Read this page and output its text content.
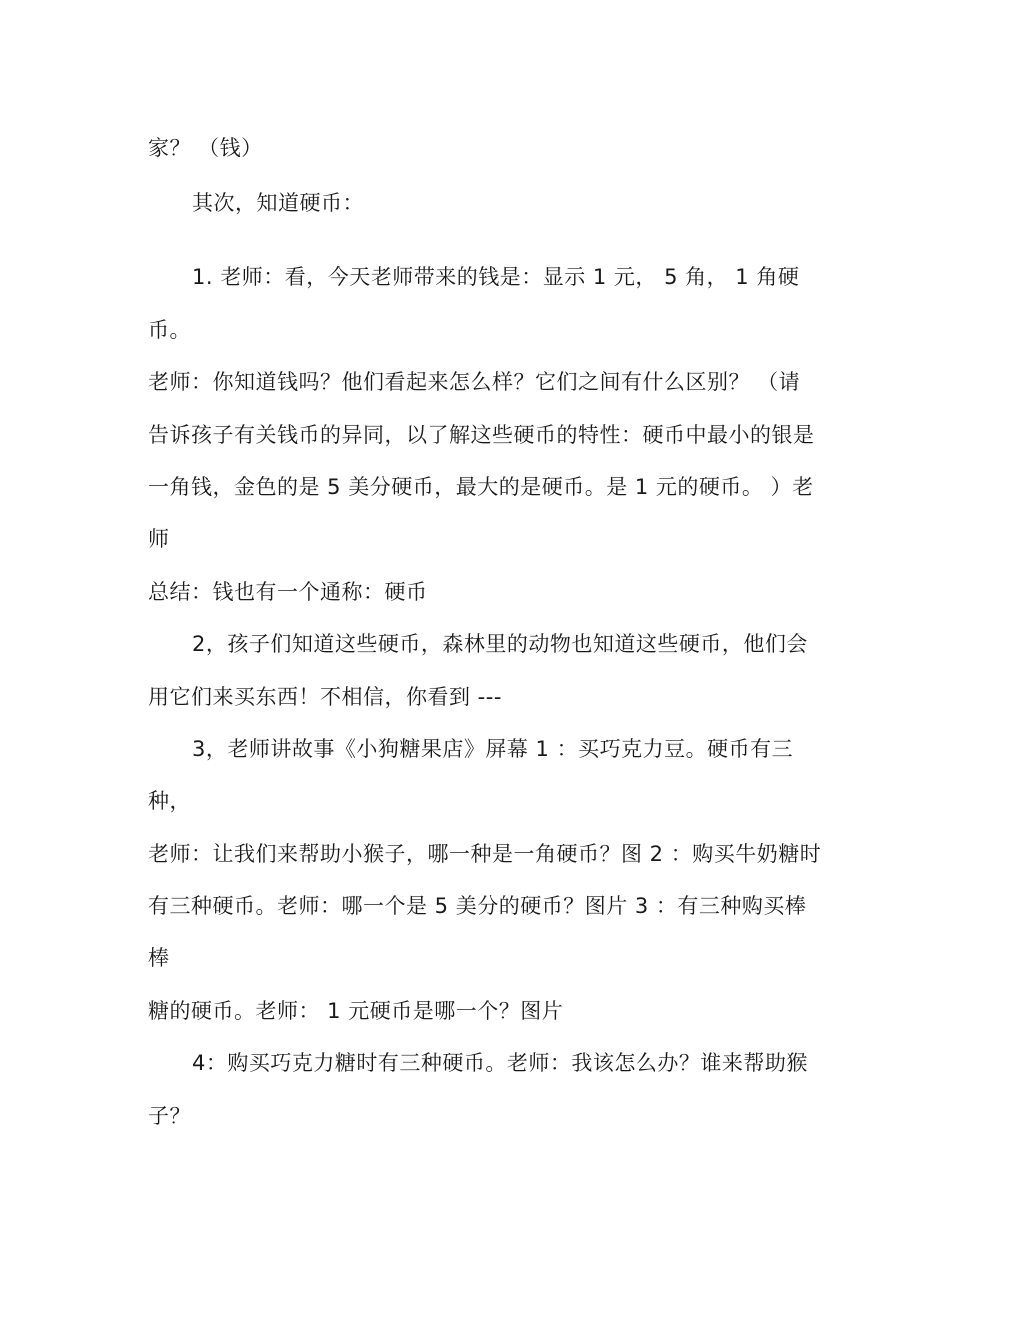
家？ （钱）

其次，知道硬币：

1. 老师：看，今天老师带来的钱是：显示 1 元， 5 角， 1 角硬

币。

老师：你知道钱吗？他们看起来怎么样？它们之间有什么区别？ （请

告诉孩子有关钱币的异同，以了解这些硬币的特性：硬币中最小的银是

一角钱，金色的是 5 美分硬币，最大的是硬币。是 1 元的硬币。 ）老

师

总结：钱也有一个通称：硬币

2，孩子们知道这些硬币，森林里的动物也知道这些硬币，他们会

用它们来买东西！不相信，你看到 ---

3，老师讲故事《小狗糖果店》屏幕 1 ：买巧克力豆。硬币有三

种，

老师：让我们来帮助小猴子，哪一种是一角硬币？图 2 ：购买牛奶糖时

有三种硬币。老师：哪一个是 5 美分的硬币？图片 3 ：有三种购买棒

棒

糖的硬币。老师： 1 元硬币是哪一个？图片

4：购买巧克力糖时有三种硬币。老师：我该怎么办？谁来帮助猴

子？
